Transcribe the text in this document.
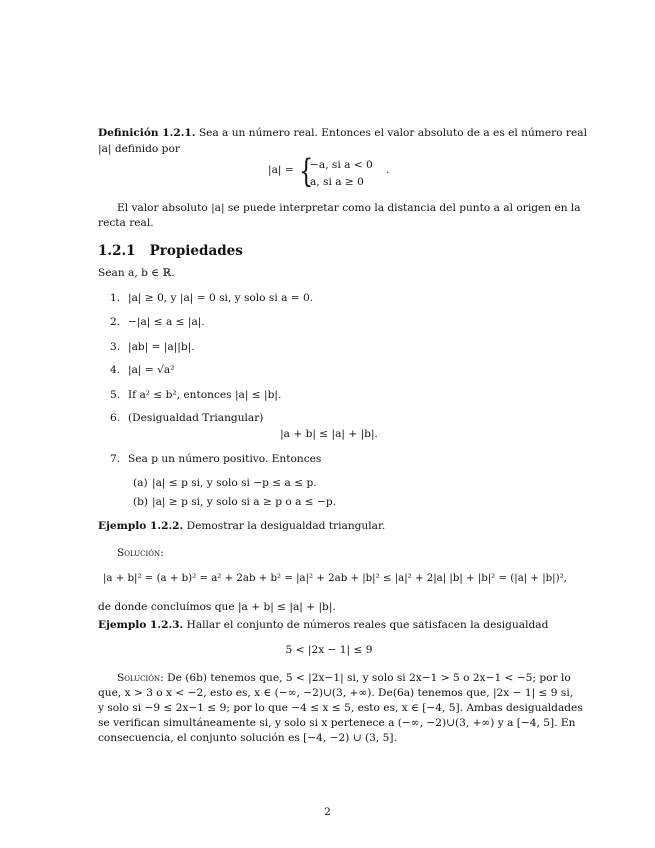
Definición 1.2.1. Sea a un número real. Entonces el valor absoluto de a es el número real
|a| definido por
|a| = {
−a, si a < 0
a, si a ≥ 0
.
El valor absoluto |a| se puede interpretar como la distancia del punto a al origen en la
recta real.
1.2.1 Propiedades
Sean a, b ∈ ℝ.
1. |a| ≥ 0, y |a| = 0 si, y solo si a = 0.
2. −|a| ≤ a ≤ |a|.
3. |ab| = |a||b|.
4. |a| = √a²
5. If a² ≤ b², entonces |a| ≤ |b|.
6. (Desigualdad Triangular)
|a + b| ≤ |a| + |b|.
7. Sea p un número positivo. Entonces
(a) |a| ≤ p si, y solo si −p ≤ a ≤ p.
(b) |a| ≥ p si, y solo si a ≥ p o a ≤ −p.
Ejemplo 1.2.2. Demostrar la desigualdad triangular.
Solución:
|a + b|² = (a + b)² = a² + 2ab + b² = |a|² + 2ab + |b|² ≤ |a|² + 2|a| |b| + |b|² = (|a| + |b|)²,
de donde concluímos que |a + b| ≤ |a| + |b|.
Ejemplo 1.2.3. Hallar el conjunto de números reales que satisfacen la desigualdad
5 < |2x − 1| ≤ 9
Solución: De (6b) tenemos que, 5 < |2x−1| si, y solo si 2x−1 > 5 o 2x−1 < −5; por lo
que, x > 3 o x < −2, esto es, x ∈ (−∞, −2)∪(3, +∞). De(6a) tenemos que, |2x − 1| ≤ 9 si,
y solo si −9 ≤ 2x−1 ≤ 9; por lo que −4 ≤ x ≤ 5, esto es, x ∈ [−4, 5]. Ambas desigualdades
se verifican simultáneamente si, y solo si x pertenece a (−∞, −2)∪(3, +∞) y a [−4, 5]. En
consecuencia, el conjunto solución es [−4, −2) ∪ (3, 5].
2
